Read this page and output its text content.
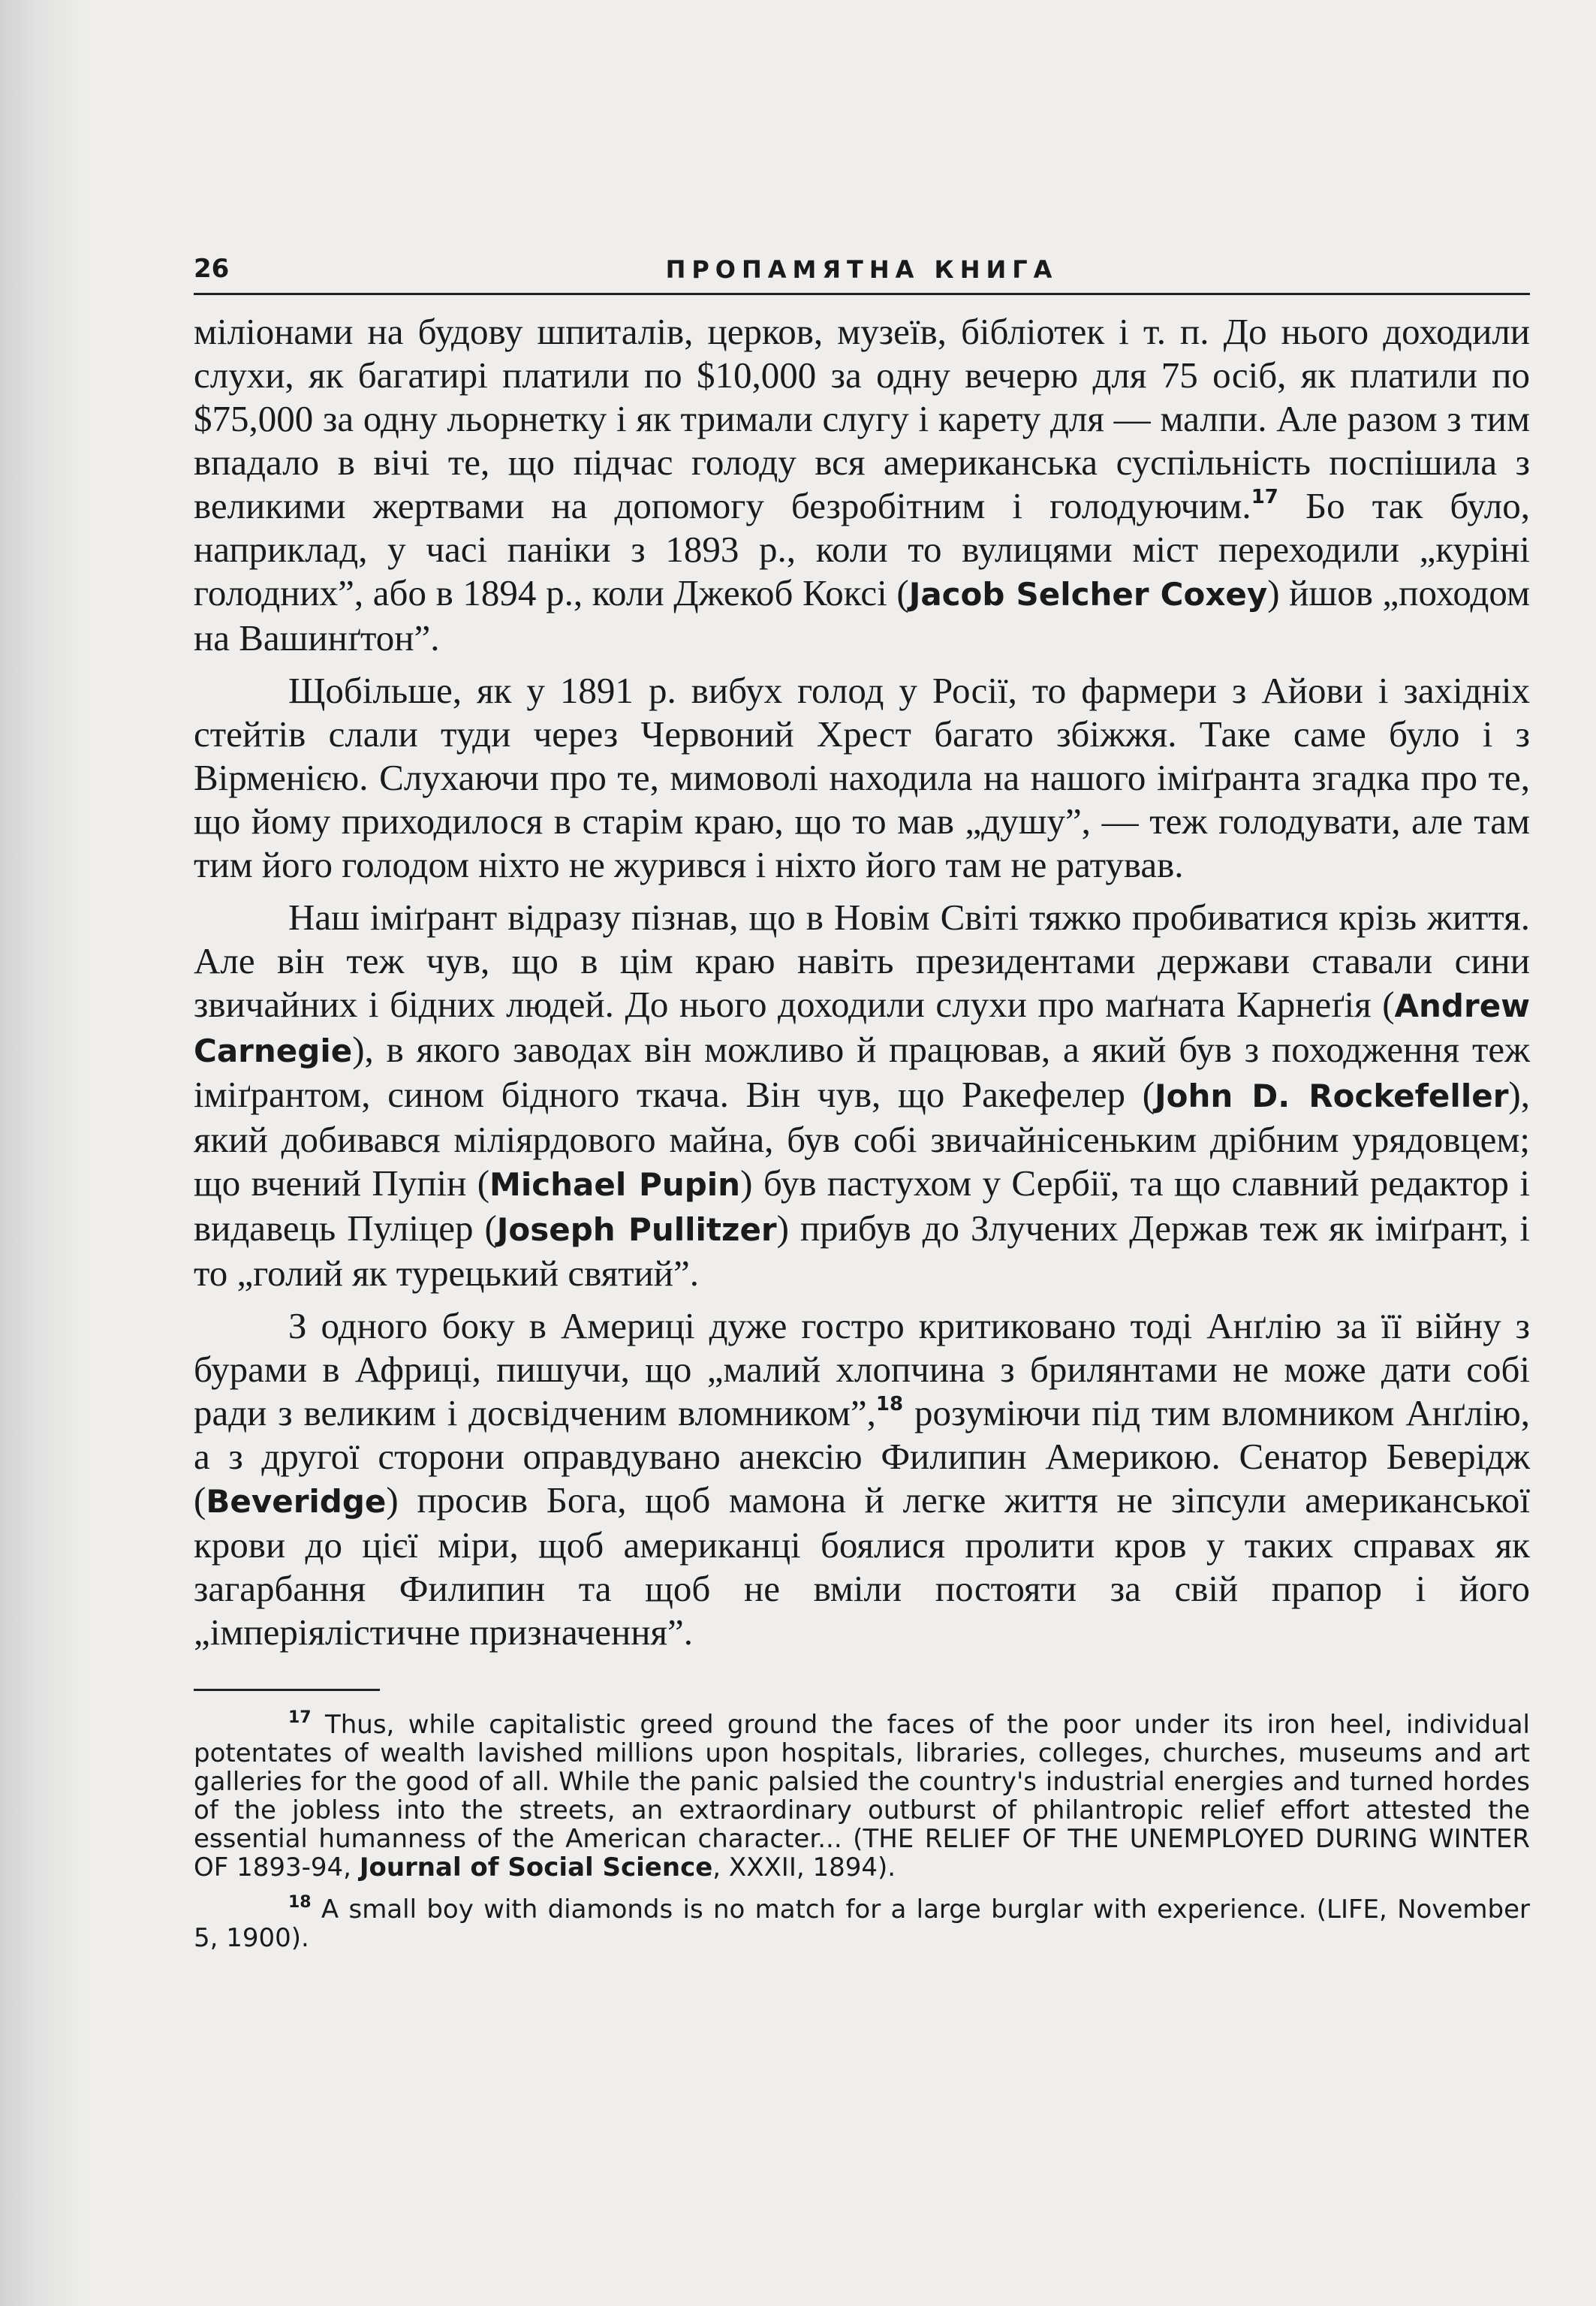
26	ПРОПАМЯТНА КНИГА

міліонами на будову шпиталів, церков, музеїв, бібліотек і т. п. До нього доходили слухи, як багатирі платили по $10,000 за одну вечерю для 75 осіб, як платили по $75,000 за одну льорнетку і як тримали слугу і карету для — малпи. Але разом з тим впадало в вічі те, що підчас голоду вся американська суспільність поспішила з великими жертвами на допомогу безробітним і голодуючим.$^{17}$ Бо так було, наприклад, у часі паніки з 1893 р., коли то вулицями міст переходили „куріні голодних”, або в 1894 р., коли Джекоб Коксі (Jacob Selcher Coxey) йшов „походом на Вашинґтон”.

Щобільше, як у 1891 р. вибух голод у Росії, то фармери з Айови і західніх стейтів слали туди через Червоний Хрест багато збіжжя. Таке саме було і з Вірменією. Слухаючи про те, мимоволі находила на нашого іміґранта згадка про те, що йому приходилося в старім краю, що то мав „душу”, — теж голодувати, але там тим його голодом ніхто не журився і ніхто його там не ратував.

Наш іміґрант відразу пізнав, що в Новім Світі тяжко пробиватися крізь життя. Але він теж чув, що в цім краю навіть президентами держави ставали сини звичайних і бідних людей. До нього доходили слухи про маґната Карнеґія (Andrew Carnegie), в якого заводах він можливо й працював, а який був з походження теж іміґрантом, сином бідного ткача. Він чув, що Ракефелер (John D. Rockefeller), який добивався міліярдового майна, був собі звичайнісеньким дрібним урядовцем; що вчений Пупін (Michael Pupin) був пастухом у Сербії, та що славний редактор і видавець Пуліцер (Joseph Pullitzer) прибув до Злучених Держав теж як іміґрант, і то „голий як турецький святий”.

З одного боку в Америці дуже гостро критиковано тоді Анґлію за її війну з бурами в Африці, пишучи, що „малий хлопчина з брилянтами не може дати собі ради з великим і досвідченим вломником”,$^{18}$ розуміючи під тим вломником Анґлію, а з другої сторони оправдувано анексію Филипин Америкою. Сенатор Беверідж (Beveridge) просив Бога, щоб мамона й легке життя не зіпсули американської крови до цієї міри, щоб американці боялися пролити кров у таких справах як загарбання Филипин та щоб не вміли постояти за свій прапор і його „імперіялістичне призначення”.

$^{17}$ Thus, while capitalistic greed ground the faces of the poor under its iron heel, individual potentates of wealth lavished millions upon hospitals, libraries, colleges, churches, museums and art galleries for the good of all. While the panic palsied the country's industrial energies and turned hordes of the jobless into the streets, an extraordinary outburst of philantropic relief effort attested the essential humanness of the American character... (THE RELIEF OF THE UNEMPLOYED DURING WINTER OF 1893-94, Journal of Social Science, XXXII, 1894).

$^{18}$ A small boy with diamonds is no match for a large burglar with experience. (LIFE, November 5, 1900).
